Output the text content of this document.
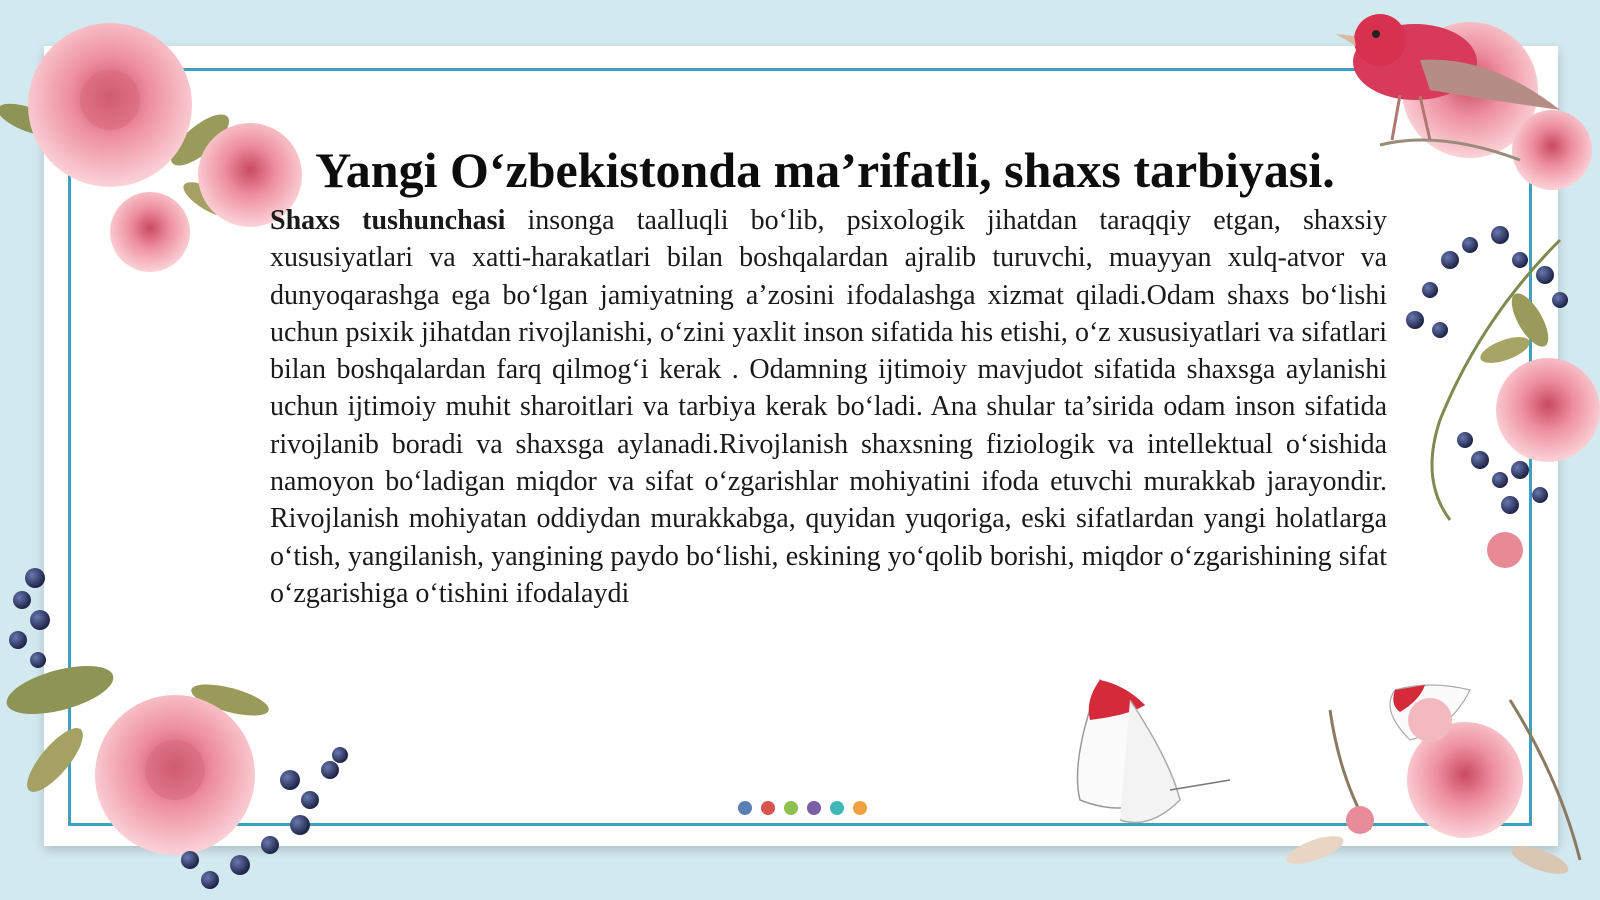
Yangi O‘zbekistonda ma’rifatli, shaxs tarbiyasi.

Shaxs tushunchasi insonga taalluqli bo‘lib, psixologik jihatdan taraqqiy etgan, shaxsiy xususiyatlari va xatti-harakatlari bilan boshqalardan ajralib turuvchi, muayyan xulq-atvor va dunyoqarashga ega bo‘lgan jamiyatning a’zosini ifodalashga xizmat qiladi.Odam shaxs bo‘lishi uchun psixik jihatdan rivojlanishi, o‘zini yaxlit inson sifatida his etishi, o‘z xususiyatlari va sifatlari bilan boshqalardan farq qilmog‘i kerak . Odamning ijtimoiy mavjudot sifatida shaxsga aylanishi uchun ijtimoiy muhit sharoitlari va tarbiya kerak bo‘ladi. Ana shular ta’sirida odam inson sifatida rivojlanib boradi va shaxsga aylanadi.Rivojlanish shaxsning fiziologik va intellektual o‘sishida namoyon bo‘ladigan miqdor va sifat o‘zgarishlar mohiyatini ifoda etuvchi murakkab jarayondir. Rivojlanish mohiyatan oddiydan murakkabga, quyidan yuqoriga, eski sifatlardan yangi holatlarga o‘tish, yangilanish, yangining paydo bo‘lishi, eskining yo‘qolib borishi, miqdor o‘zgarishining sifat o‘zgarishiga o‘tishini ifodalaydi
